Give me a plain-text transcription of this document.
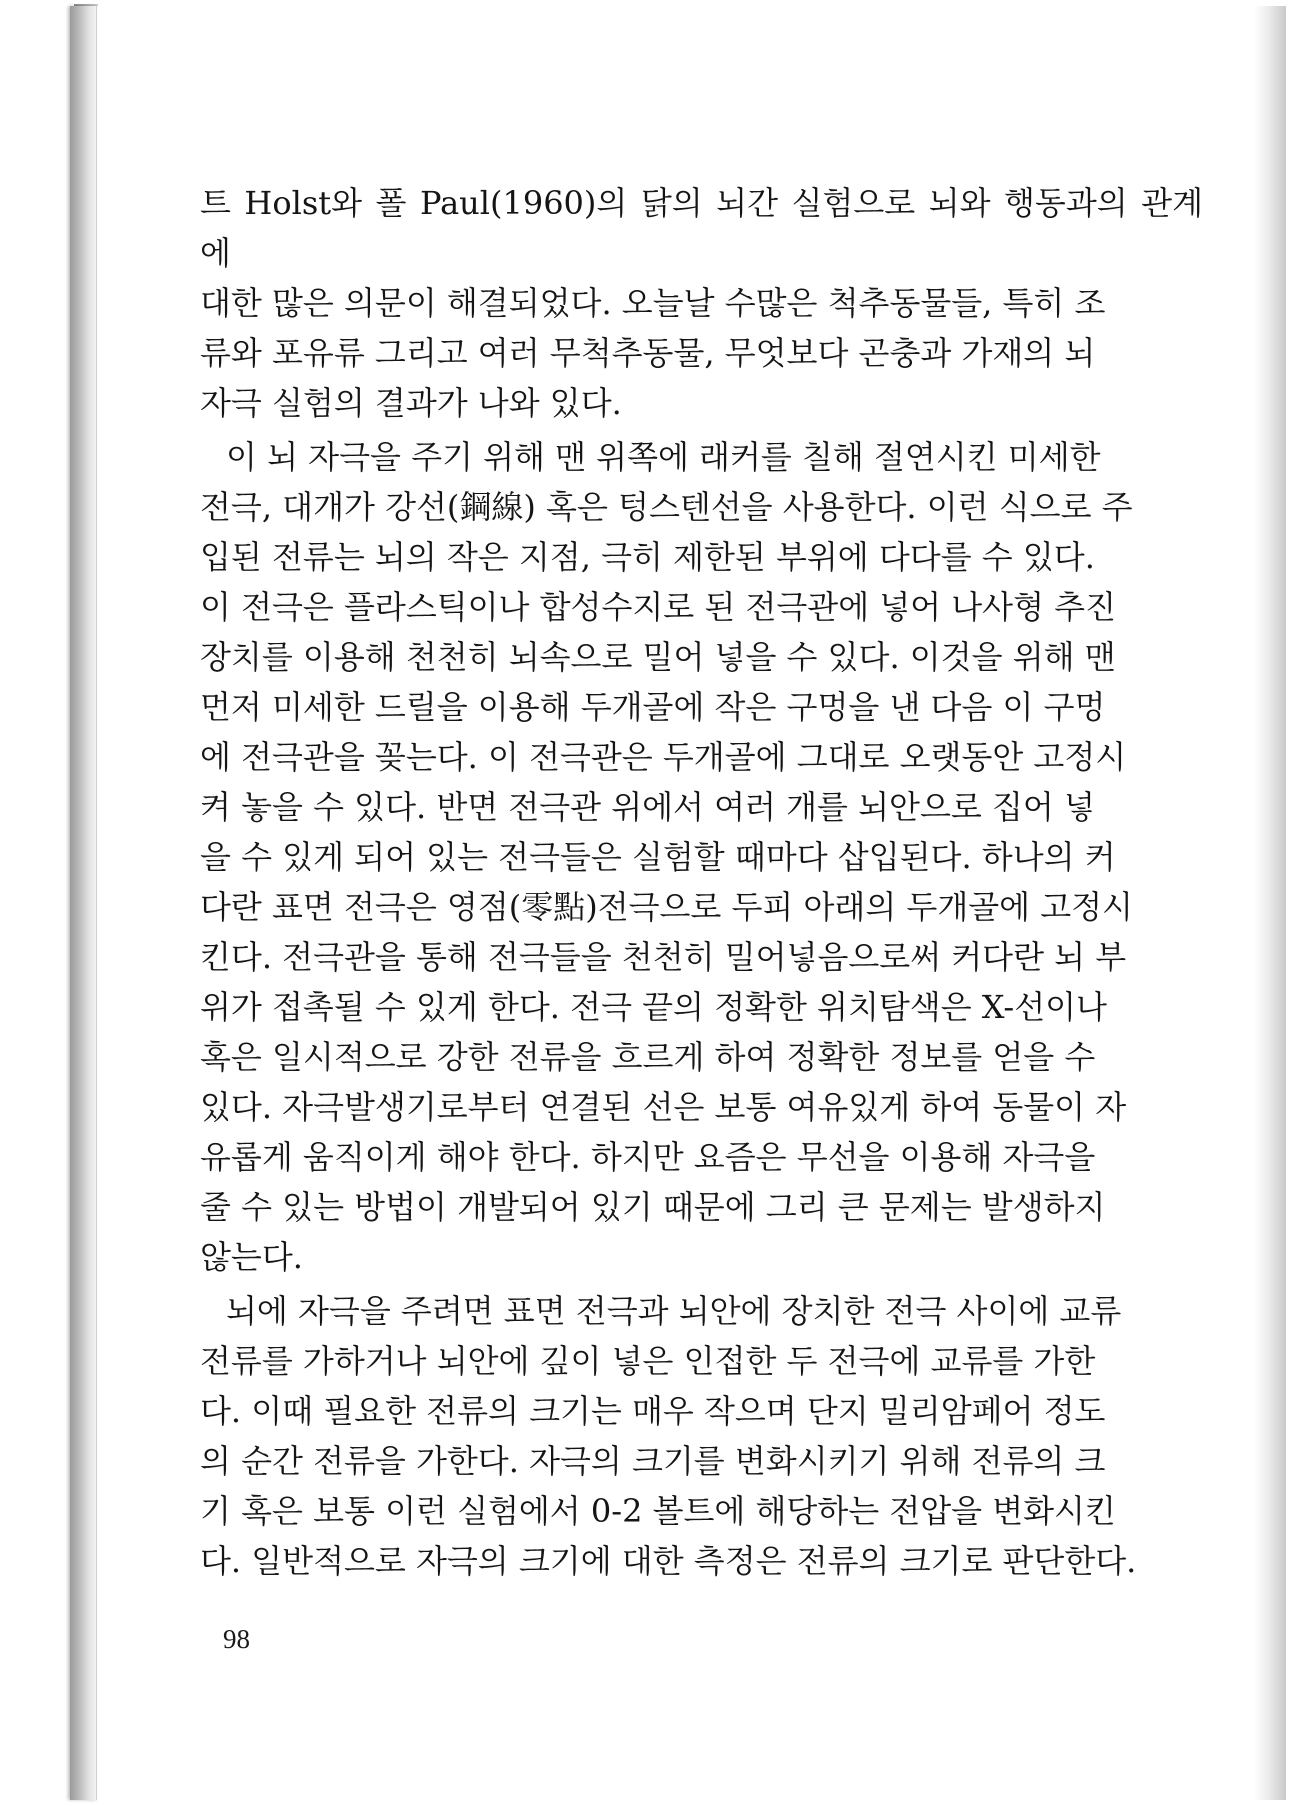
트 Holst와 폴 Paul(1960)의 닭의 뇌간 실험으로 뇌와 행동과의 관계에
대한 많은 의문이 해결되었다. 오늘날 수많은 척추동물들, 특히 조
류와 포유류 그리고 여러 무척추동물, 무엇보다 곤충과 가재의 뇌
자극 실험의 결과가 나와 있다.

이 뇌 자극을 주기 위해 맨 위쪽에 래커를 칠해 절연시킨 미세한
전극, 대개가 강선(鋼線) 혹은 텅스텐선을 사용한다. 이런 식으로 주
입된 전류는 뇌의 작은 지점, 극히 제한된 부위에 다다를 수 있다.
이 전극은 플라스틱이나 합성수지로 된 전극관에 넣어 나사형 추진
장치를 이용해 천천히 뇌속으로 밀어 넣을 수 있다. 이것을 위해 맨
먼저 미세한 드릴을 이용해 두개골에 작은 구멍을 낸 다음 이 구멍
에 전극관을 꽂는다. 이 전극관은 두개골에 그대로 오랫동안 고정시
켜 놓을 수 있다. 반면 전극관 위에서 여러 개를 뇌안으로 집어 넣
을 수 있게 되어 있는 전극들은 실험할 때마다 삽입된다. 하나의 커
다란 표면 전극은 영점(零點)전극으로 두피 아래의 두개골에 고정시
킨다. 전극관을 통해 전극들을 천천히 밀어넣음으로써 커다란 뇌 부
위가 접촉될 수 있게 한다. 전극 끝의 정확한 위치탐색은 X-선이나
혹은 일시적으로 강한 전류을 흐르게 하여 정확한 정보를 얻을 수
있다. 자극발생기로부터 연결된 선은 보통 여유있게 하여 동물이 자
유롭게 움직이게 해야 한다. 하지만 요즘은 무선을 이용해 자극을
줄 수 있는 방법이 개발되어 있기 때문에 그리 큰 문제는 발생하지
않는다.

뇌에 자극을 주려면 표면 전극과 뇌안에 장치한 전극 사이에 교류
전류를 가하거나 뇌안에 깊이 넣은 인접한 두 전극에 교류를 가한
다. 이때 필요한 전류의 크기는 매우 작으며 단지 밀리암페어 정도
의 순간 전류을 가한다. 자극의 크기를 변화시키기 위해 전류의 크
기 혹은 보통 이런 실험에서 0-2 볼트에 해당하는 전압을 변화시킨
다. 일반적으로 자극의 크기에 대한 측정은 전류의 크기로 판단한다.

98
